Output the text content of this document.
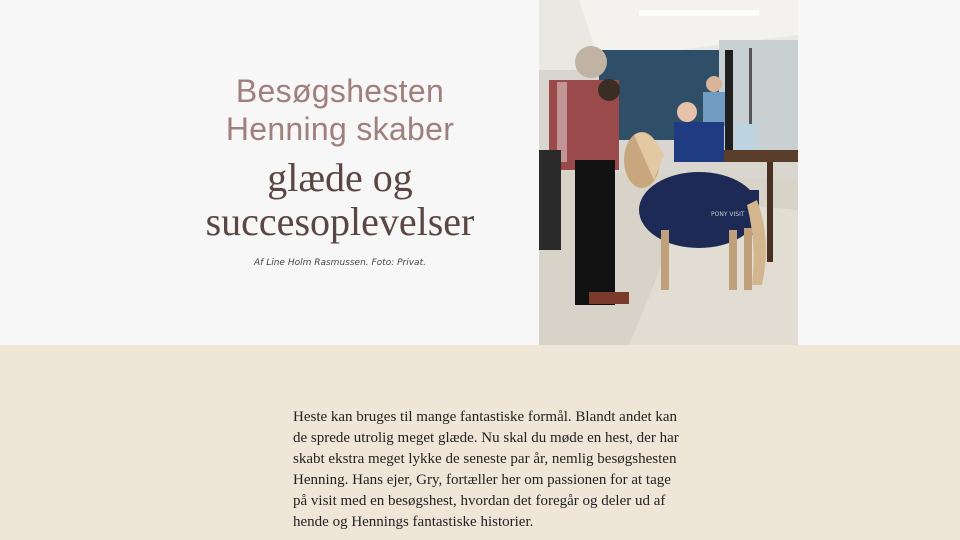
Besøgshesten

Henning skaber

glæde og
succesoplevelser
Af Line Holm Rasmussen. Foto: Privat.
PONY VISIT

Heste kan bruges til mange fantastiske formål. Blandt andet kan de sprede utrolig meget glæde. Nu skal du møde en hest, der har skabt ekstra meget lykke de seneste par år, nemlig besøgshesten Henning. Hans ejer, Gry, fortæller her om passionen for at tage på visit med en besøgshest, hvordan det foregår og deler ud af hende og Hennings fantastiske historier.
